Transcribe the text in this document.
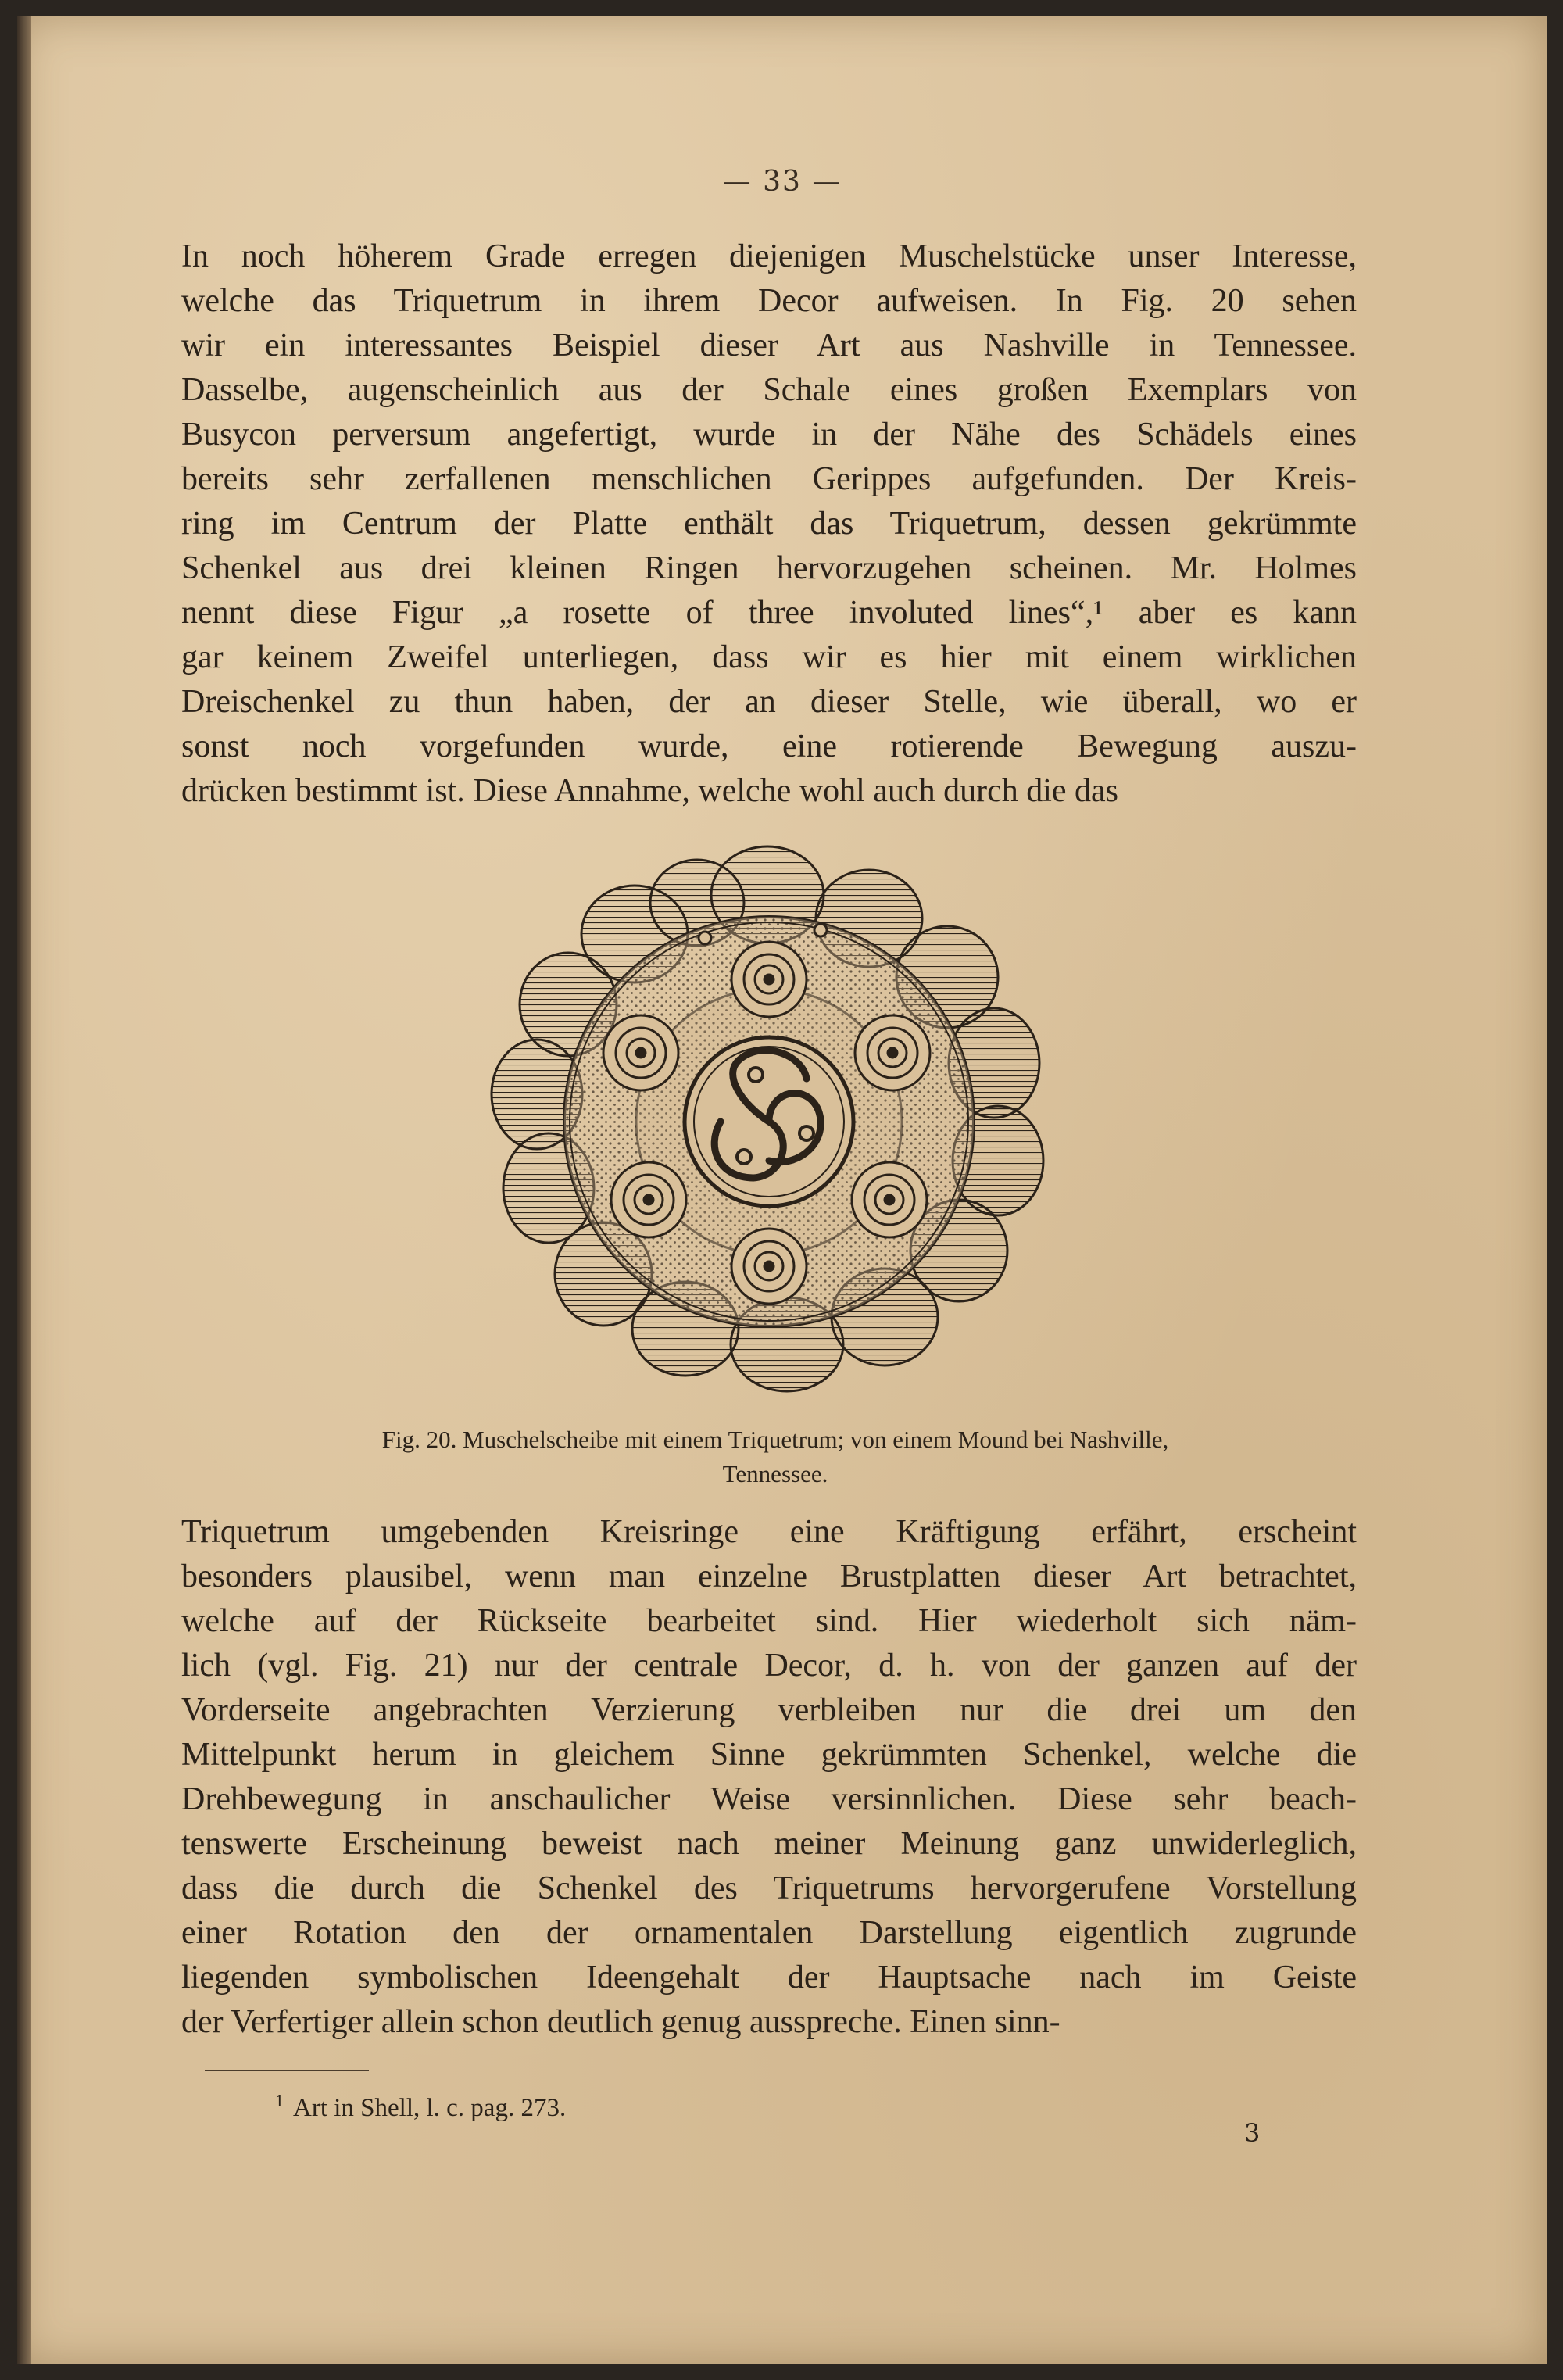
— 33 —
In noch höherem Grade erregen diejenigen Muschelstücke unser Interesse,
welche das Triquetrum in ihrem Decor aufweisen. In Fig. 20 sehen
wir ein interessantes Beispiel dieser Art aus Nashville in Tennessee.
Dasselbe, augenscheinlich aus der Schale eines großen Exemplars von
Busycon perversum angefertigt, wurde in der Nähe des Schädels eines
bereits sehr zerfallenen menschlichen Gerippes aufgefunden. Der Kreis-
ring im Centrum der Platte enthält das Triquetrum, dessen gekrümmte
Schenkel aus drei kleinen Ringen hervorzugehen scheinen. Mr. Holmes
nennt diese Figur „a rosette of three involuted lines“,¹ aber es kann
gar keinem Zweifel unterliegen, dass wir es hier mit einem wirklichen
Dreischenkel zu thun haben, der an dieser Stelle, wie überall, wo er
sonst noch vorgefunden wurde, eine rotierende Bewegung auszu-
drücken bestimmt ist. Diese Annahme, welche wohl auch durch die das
Fig. 20. Muschelscheibe mit einem Triquetrum; von einem Mound bei Nashville,
Tennessee.
Triquetrum umgebenden Kreisringe eine Kräftigung erfährt, erscheint
besonders plausibel, wenn man einzelne Brustplatten dieser Art betrachtet,
welche auf der Rückseite bearbeitet sind. Hier wiederholt sich näm-
lich (vgl. Fig. 21) nur der centrale Decor, d. h. von der ganzen auf der
Vorderseite angebrachten Verzierung verbleiben nur die drei um den
Mittelpunkt herum in gleichem Sinne gekrümmten Schenkel, welche die
Drehbewegung in anschaulicher Weise versinnlichen. Diese sehr beach-
tenswerte Erscheinung beweist nach meiner Meinung ganz unwiderleglich,
dass die durch die Schenkel des Triquetrums hervorgerufene Vorstellung
einer Rotation den der ornamentalen Darstellung eigentlich zugrunde
liegenden symbolischen Ideengehalt der Hauptsache nach im Geiste
der Verfertiger allein schon deutlich genug ausspreche. Einen sinn-
$^1$ Art in Shell, l. c. pag. 273.
3
